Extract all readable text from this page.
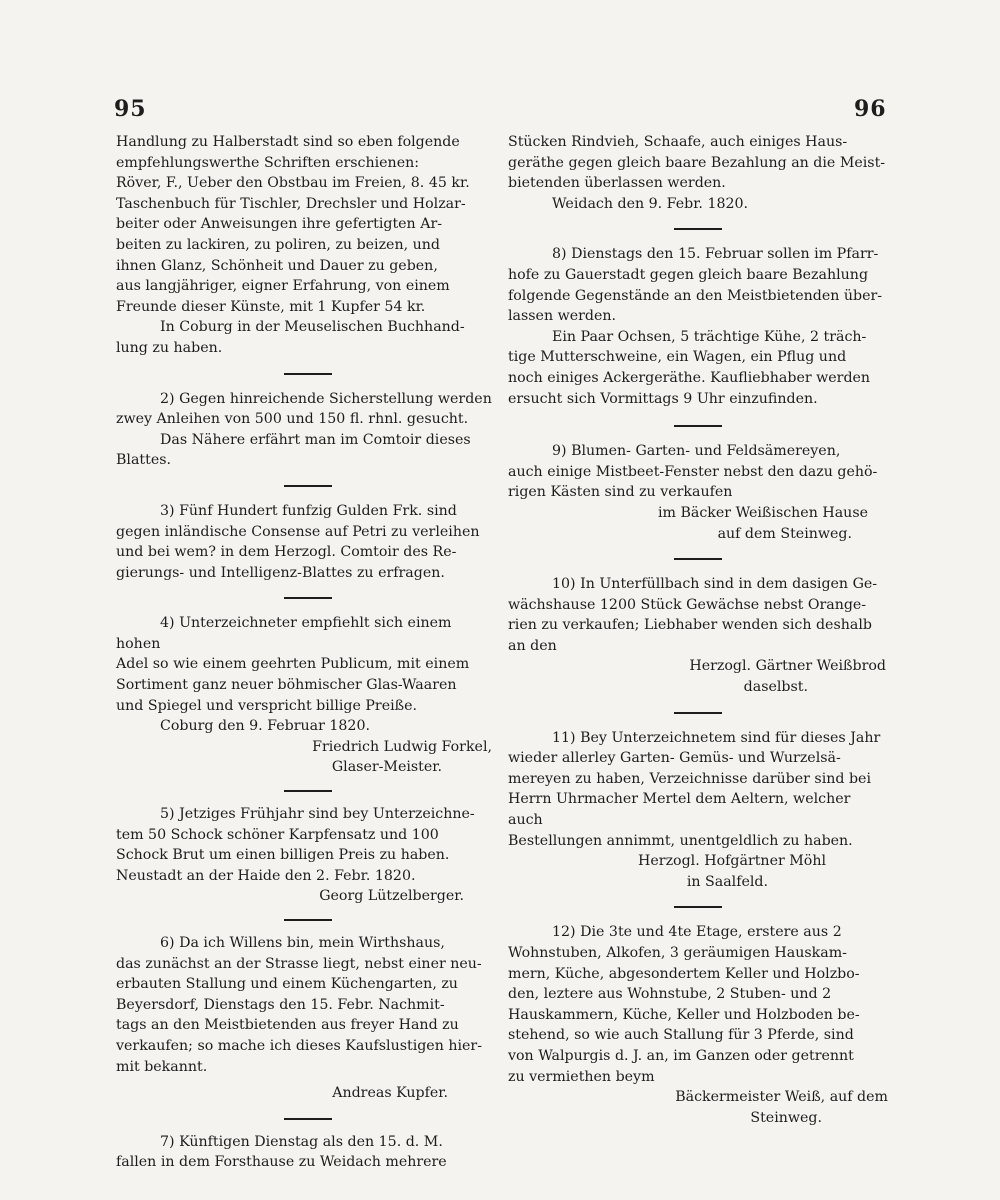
95	96

Handlung zu Halberstadt sind so eben folgende

empfehlungswerthe Schriften erschienen:

Röver, F., Ueber den Obstbau im Freien, 8. 45 kr.

Taschenbuch für Tischler, Drechsler und Holzar-

beiter oder Anweisungen ihre gefertigten Ar-

beiten zu lackiren, zu poliren, zu beizen, und

ihnen Glanz, Schönheit und Dauer zu geben,

aus langjähriger, eigner Erfahrung, von einem

Freunde dieser Künste, mit 1 Kupfer 54 kr.

In Coburg in der Meuselischen Buchhand-

lung zu haben.

2) Gegen hinreichende Sicherstellung werden

zwey Anleihen von 500 und 150 fl. rhnl. gesucht.

Das Nähere erfährt man im Comtoir dieses

Blattes.

3) Fünf Hundert funfzig Gulden Frk. sind

gegen inländische Consense auf Petri zu verleihen

und bei wem? in dem Herzogl. Comtoir des Re-

gierungs- und Intelligenz-Blattes zu erfragen.

4) Unterzeichneter empfiehlt sich einem hohen

Adel so wie einem geehrten Publicum, mit einem

Sortiment ganz neuer böhmischer Glas-Waaren

und Spiegel und verspricht billige Preiße.

Coburg den 9. Februar 1820.

Friedrich Ludwig Forkel,

Glaser-Meister.

5) Jetziges Frühjahr sind bey Unterzeichne-

tem 50 Schock schöner Karpfensatz und 100

Schock Brut um einen billigen Preis zu haben.

Neustadt an der Haide den 2. Febr. 1820.

Georg Lützelberger.

6) Da ich Willens bin, mein Wirthshaus,

das zunächst an der Strasse liegt, nebst einer neu-

erbauten Stallung und einem Küchengarten, zu

Beyersdorf, Dienstags den 15. Febr. Nachmit-

tags an den Meistbietenden aus freyer Hand zu

verkaufen; so mache ich dieses Kaufslustigen hier-

mit bekannt.

Andreas Kupfer.

7) Künftigen Dienstag als den 15. d. M.

fallen in dem Forsthause zu Weidach mehrere

Stücken Rindvieh, Schaafe, auch einiges Haus-

geräthe gegen gleich baare Bezahlung an die Meist-

bietenden überlassen werden.

Weidach den 9. Febr. 1820.

8) Dienstags den 15. Februar sollen im Pfarr-

hofe zu Gauerstadt gegen gleich baare Bezahlung

folgende Gegenstände an den Meistbietenden über-

lassen werden.

Ein Paar Ochsen, 5 trächtige Kühe, 2 träch-

tige Mutterschweine, ein Wagen, ein Pflug und

noch einiges Ackergeräthe. Kaufliebhaber werden

ersucht sich Vormittags 9 Uhr einzufinden.

9) Blumen- Garten- und Feldsämereyen,

auch einige Mistbeet-Fenster nebst den dazu gehö-

rigen Kästen sind zu verkaufen

im Bäcker Weißischen Hause

auf dem Steinweg.

10) In Unterfüllbach sind in dem dasigen Ge-

wächshause 1200 Stück Gewächse nebst Orange-

rien zu verkaufen; Liebhaber wenden sich deshalb

an den

Herzogl. Gärtner Weißbrod

daselbst.

11) Bey Unterzeichnetem sind für dieses Jahr

wieder allerley Garten- Gemüs- und Wurzelsä-

mereyen zu haben, Verzeichnisse darüber sind bei

Herrn Uhrmacher Mertel dem Aeltern, welcher auch

Bestellungen annimmt, unentgeldlich zu haben.

Herzogl. Hofgärtner Möhl

in Saalfeld.

12) Die 3te und 4te Etage, erstere aus 2

Wohnstuben, Alkofen, 3 geräumigen Hauskam-

mern, Küche, abgesondertem Keller und Holzbo-

den, leztere aus Wohnstube, 2 Stuben- und 2

Hauskammern, Küche, Keller und Holzboden be-

stehend, so wie auch Stallung für 3 Pferde, sind

von Walpurgis d. J. an, im Ganzen oder getrennt

zu vermiethen beym

Bäckermeister Weiß, auf dem

Steinweg.
